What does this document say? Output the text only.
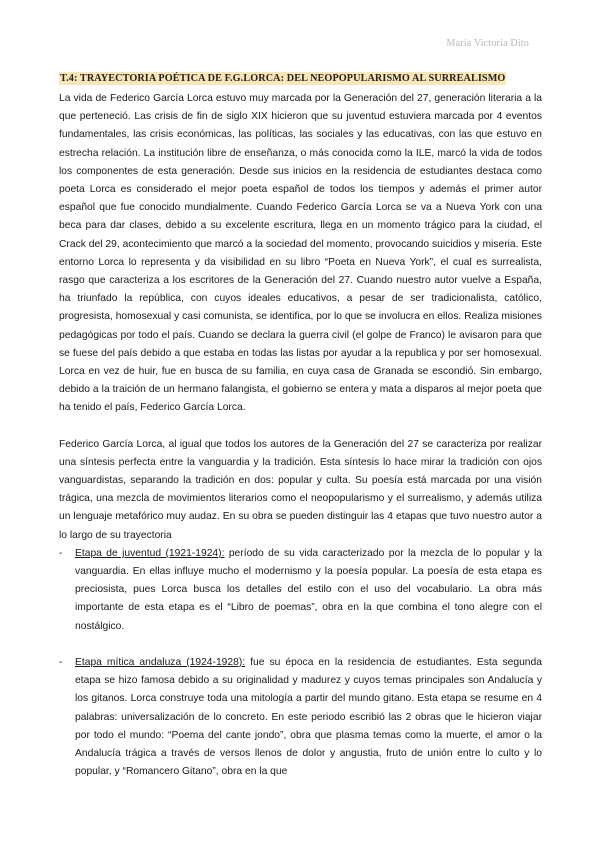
María Victoria Dito
T.4: TRAYECTORIA POÉTICA DE F.G.LORCA: DEL NEOPOPULARISMO AL SURREALISMO

La vida de Federico García Lorca estuvo muy marcada por la Generación del 27, generación literaria a la que perteneció. Las crisis de fin de siglo XIX hicieron que su juventud estuviera marcada por 4 eventos fundamentales, las crisis económicas, las políticas, las sociales y las educativas, con las que estuvo en estrecha relación. La institución libre de enseñanza, o más conocida como la ILE, marcó la vida de todos los componentes de esta generación. Desde sus inicios en la residencia de estudiantes destaca como poeta Lorca es considerado el mejor poeta español de todos los tiempos y además el primer autor español que fue conocido mundialmente. Cuando Federico García Lorca se va a Nueva York con una beca para dar clases, debido a su excelente escritura, llega en un momento trágico para la ciudad, el Crack del 29, acontecimiento que marcó a la sociedad del momento, provocando suicidios y miseria. Este entorno Lorca lo representa y da visibilidad en su libro “Poeta en Nueva York”, el cual es surrealista, rasgo que caracteriza a los escritores de la Generación del 27. Cuando nuestro autor vuelve a España, ha triunfado la república, con cuyos ideales educativos, a pesar de ser tradicionalista, católico, progresista, homosexual y casi comunista, se identifica, por lo que se involucra en ellos. Realiza misiones pedagógicas por todo el país. Cuando se declara la guerra civil (el golpe de Franco) le avisaron para que se fuese del país debido a que estaba en todas las listas por ayudar a la republica y por ser homosexual. Lorca en vez de huir, fue en busca de su familia, en cuya casa de Granada se escondió. Sin embargo, debido a la traición de un hermano falangista, el gobierno se entera y mata a disparos al mejor poeta que ha tenido el país, Federico García Lorca.

Federico García Lorca, al igual que todos los autores de la Generación del 27 se caracteriza por realizar una síntesis perfecta entre la vanguardia y la tradición. Esta síntesis lo hace mirar la tradición con ojos vanguardistas, separando la tradición en dos: popular y culta. Su poesía está marcada por una visión trágica, una mezcla de movimientos literarios como el neopopularismo y el surrealismo, y además utiliza un lenguaje metafórico muy audaz. En su obra se pueden distinguir las 4 etapas que tuvo nuestro autor a lo largo de su trayectoria

- Etapa de juventud (1921-1924): período de su vida caracterizado por la mezcla de lo popular y la vanguardia. En ellas influye mucho el modernismo y la poesía popular. La poesía de esta etapa es preciosista, pues Lorca busca los detalles del estilo con el uso del vocabulario. La obra más importante de esta etapa es el “Libro de poemas”, obra en la que combina el tono alegre con el nostálgico.
- Etapa mítica andaluza (1924-1928): fue su época en la residencia de estudiantes. Esta segunda etapa se hizo famosa debido a su originalidad y madurez y cuyos temas principales son Andalucía y los gitanos. Lorca construye toda una mitología a partir del mundo gitano. Esta etapa se resume en 4 palabras: universalización de lo concreto. En este periodo escribió las 2 obras que le hicieron viajar por todo el mundo: “Poema del cante jondo”, obra que plasma temas como la muerte, el amor o la Andalucía trágica a través de versos llenos de dolor y angustia, fruto de unión entre lo culto y lo popular, y “Romancero Gitano”, obra en la que
